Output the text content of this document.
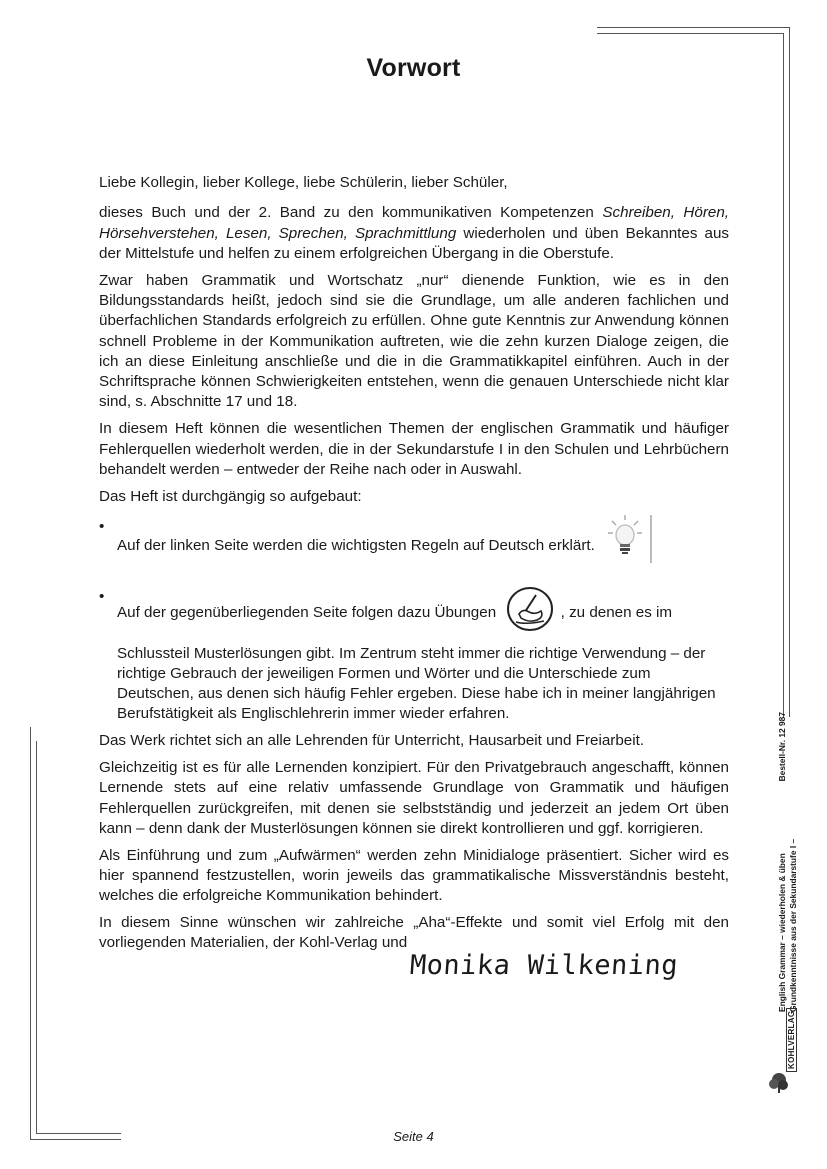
Vorwort

Liebe Kollegin, lieber Kollege, liebe Schülerin, lieber Schüler,

dieses Buch und der 2. Band zu den kommunikativen Kompetenzen Schreiben, Hören, Hörsehverstehen, Lesen, Sprechen, Sprachmittlung wiederholen und üben Bekanntes aus der Mittelstufe und helfen zu einem erfolgreichen Übergang in die Oberstufe.

Zwar haben Grammatik und Wortschatz „nur“ dienende Funktion, wie es in den Bildungsstandards heißt, jedoch sind sie die Grundlage, um alle anderen fachlichen und überfachlichen Standards erfolgreich zu erfüllen. Ohne gute Kenntnis zur Anwendung können schnell Probleme in der Kommunikation auftreten, wie die zehn kurzen Dialoge zeigen, die ich an diese Einleitung anschließe und die in die Grammatikkapitel einführen. Auch in der Schriftsprache können Schwierigkeiten entstehen, wenn die genauen Unterschiede nicht klar sind, s. Abschnitte 17 und 18.

In diesem Heft können die wesentlichen Themen der englischen Grammatik und häufiger Fehlerquellen wiederholt werden, die in der Sekundarstufe I in den Schulen und Lehrbüchern behandelt werden – entweder der Reihe nach oder in Auswahl.

Das Heft ist durchgängig so aufgebaut:

•
Auf der linken Seite werden die wichtigsten Regeln auf Deutsch erklärt.
•
Auf der gegenüberliegenden Seite folgen dazu Übungen	, zu denen es im
Schlussteil Musterlösungen gibt. Im Zentrum steht immer die richtige Verwendung – der richtige Gebrauch der jeweiligen Formen und Wörter und die Unterschiede zum Deutschen, aus denen sich häufig Fehler ergeben. Diese habe ich in meiner langjährigen Berufstätigkeit als Englischlehrerin immer wieder erfahren.

Das Werk richtet sich an alle Lehrenden für Unterricht, Hausarbeit und Freiarbeit.

Gleichzeitig ist es für alle Lernenden konzipiert. Für den Privatgebrauch angeschafft, können Lernende stets auf eine relativ umfassende Grundlage von Grammatik und häufigen Fehlerquellen zurückgreifen, mit denen sie selbstständig und jederzeit an jedem Ort üben kann – denn dank der Musterlösungen können sie direkt kontrollieren und ggf. korrigieren.

Als Einführung und zum „Aufwärmen“ werden zehn Minidialoge präsentiert. Sicher wird es hier spannend festzustellen, worin jeweils das grammatikalische Missverständnis besteht, welches die erfolgreiche Kommunikation behindert.

In diesem Sinne wünschen wir zahlreiche „Aha“-Effekte und somit viel Erfolg mit den vorliegenden Materialien, der Kohl-Verlag und

Monika Wilkening
Seite 4
English Grammar – wiederholen & üben
Bestell-Nr. 12 987
Grundkenntnisse aus der Sekundarstufe I –
KOHLVERLAG
